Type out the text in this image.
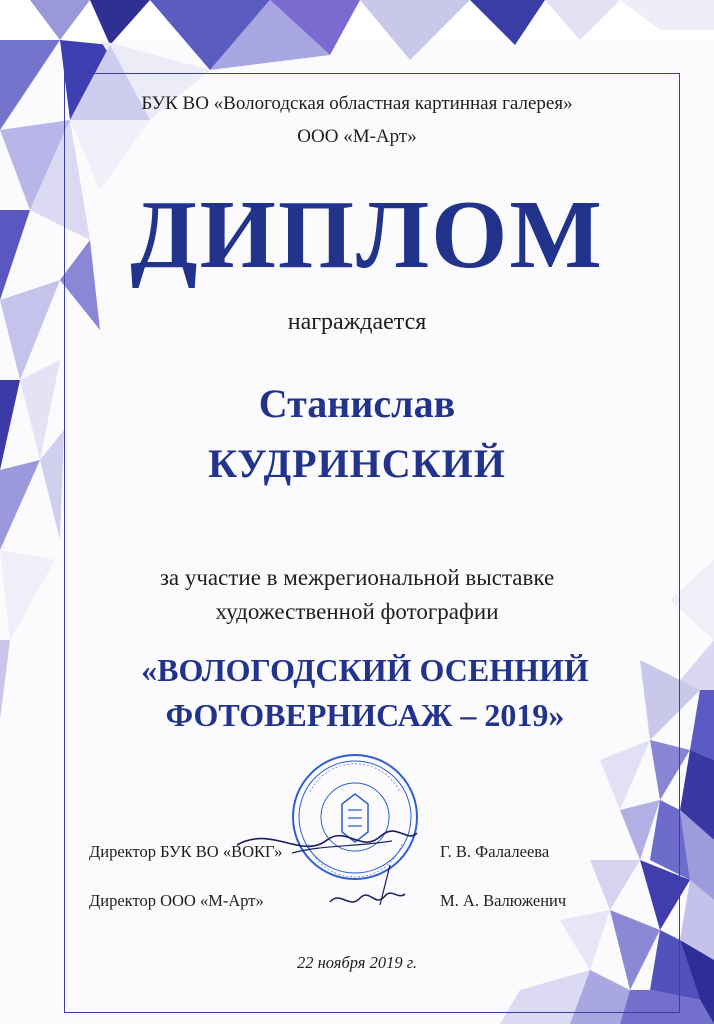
БУК ВО «Вологодская областная картинная галерея»
ООО «М-Арт»
ДИПЛОМ
награждается
Станислав
КУДРИНСКИЙ
за участие в межрегиональной выставке
художественной фотографии
«ВОЛОГОДСКИЙ ОСЕННИЙ
ФОТОВЕРНИСАЖ – 2019»
Директор БУК ВО «ВОКГ»	Г. В. Фалалеева
Директор ООО «М-Арт»	М. А. Валюженич
22 ноября 2019 г.
